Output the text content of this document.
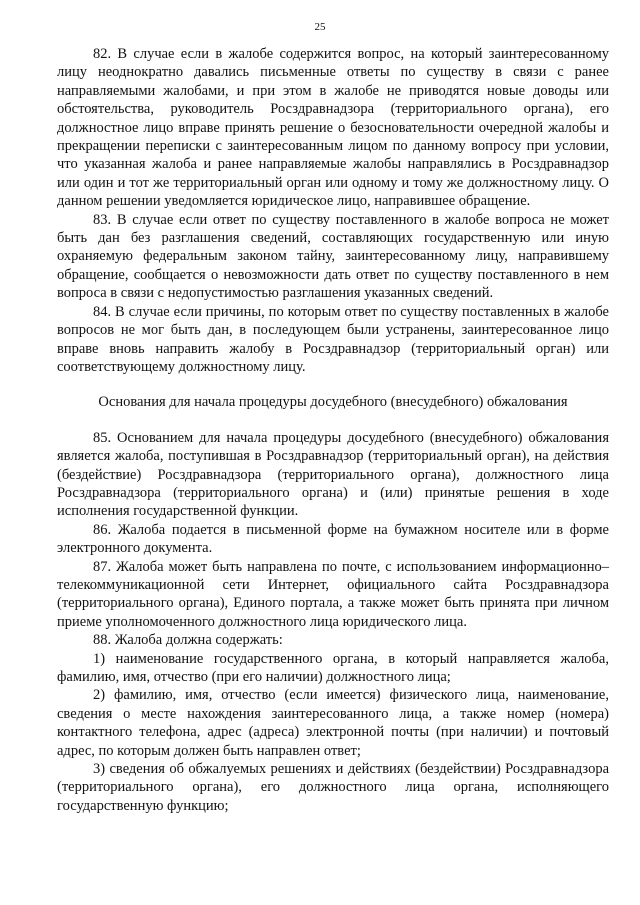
25

82. В случае если в жалобе содержится вопрос, на который заинтересованному лицу неоднократно давались письменные ответы по существу в связи с ранее направляемыми жалобами, и при этом в жалобе не приводятся новые доводы или обстоятельства, руководитель Росздравнадзора (территориального органа), его должностное лицо вправе принять решение о безосновательности очередной жалобы и прекращении переписки с заинтересованным лицом по данному вопросу при условии, что указанная жалоба и ранее направляемые жалобы направлялись в Росздравнадзор или один и тот же территориальный орган или одному и тому же должностному лицу. О данном решении уведомляется юридическое лицо, направившее обращение.

83. В случае если ответ по существу поставленного в жалобе вопроса не может быть дан без разглашения сведений, составляющих государственную или иную охраняемую федеральным законом тайну, заинтересованному лицу, направившему обращение, сообщается о невозможности дать ответ по существу поставленного в нем вопроса в связи с недопустимостью разглашения указанных сведений.

84. В случае если причины, по которым ответ по существу поставленных в жалобе вопросов не мог быть дан, в последующем были устранены, заинтересованное лицо вправе вновь направить жалобу в Росздравнадзор (территориальный орган) или соответствующему должностному лицу.

Основания для начала процедуры досудебного (внесудебного) обжалования

85. Основанием для начала процедуры досудебного (внесудебного) обжалования является жалоба, поступившая в Росздравнадзор (территориальный орган), на действия (бездействие) Росздравнадзора (территориального органа), должностного лица Росздравнадзора (территориального органа) и (или) принятые решения в ходе исполнения государственной функции.

86. Жалоба подается в письменной форме на бумажном носителе или в форме электронного документа.

87. Жалоба может быть направлена по почте, с использованием информационно–телекоммуникационной сети Интернет, официального сайта Росздравнадзора (территориального органа), Единого портала, а также может быть принята при личном приеме уполномоченного должностного лица юридического лица.

88. Жалоба должна содержать:

1) наименование государственного органа, в который направляется жалоба, фамилию, имя, отчество (при его наличии) должностного лица;

2) фамилию, имя, отчество (если имеется) физического лица, наименование, сведения о месте нахождения заинтересованного лица, а также номер (номера) контактного телефона, адрес (адреса) электронной почты (при наличии) и почтовый адрес, по которым должен быть направлен ответ;

3) сведения об обжалуемых решениях и действиях (бездействии) Росздравнадзора (территориального органа), его должностного лица органа, исполняющего государственную функцию;
